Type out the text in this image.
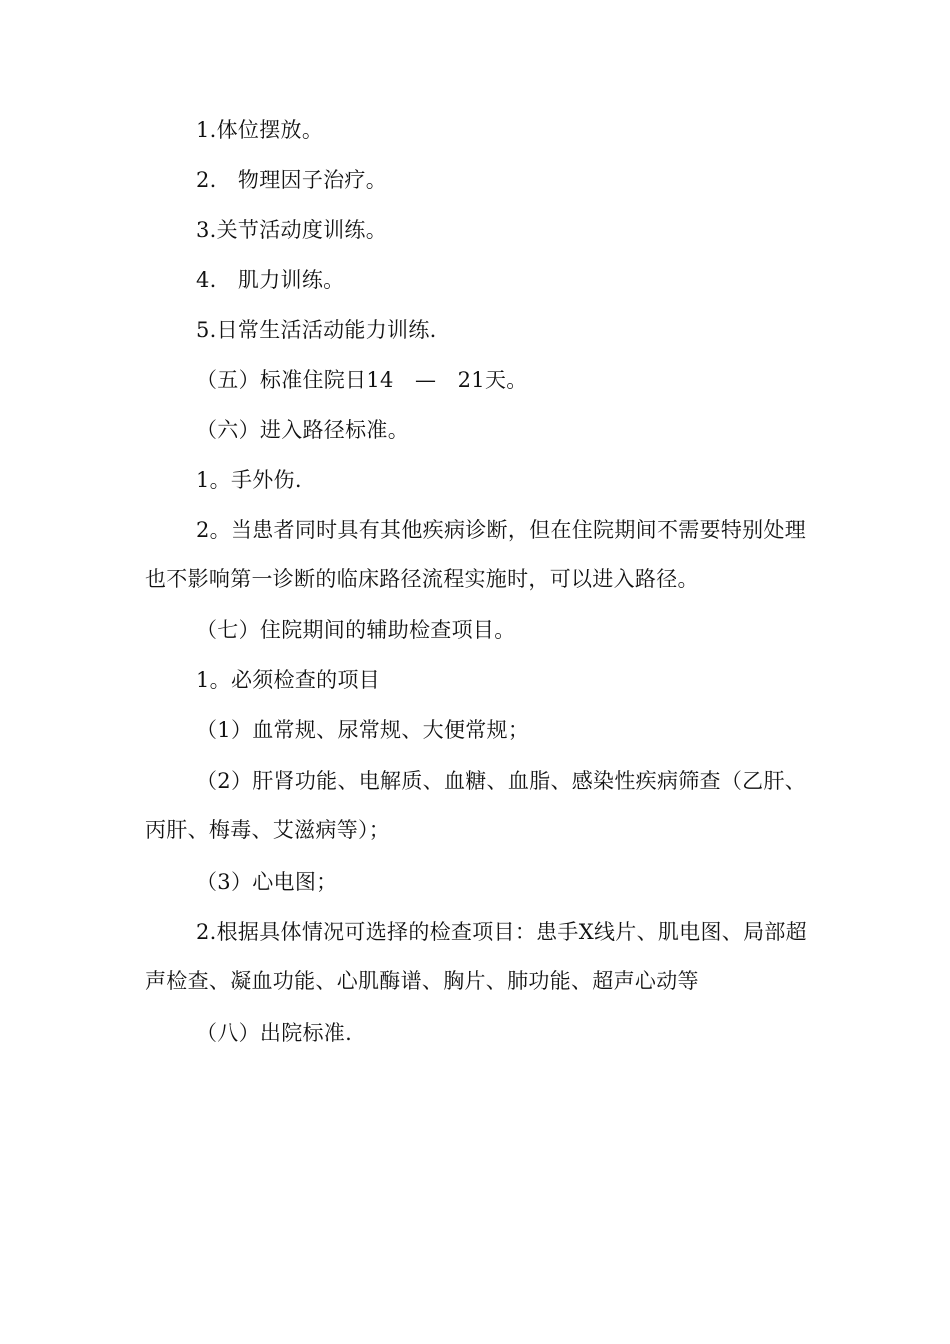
1.体位摆放。

2.　物理因子治疗。

3.关节活动度训练。

4.　肌力训练。

5.日常生活活动能力训练.

（五）标准住院日14　—　21天。

（六）进入路径标准。

1。手外伤.

2。当患者同时具有其他疾病诊断，但在住院期间不需要特别处理也不影响第一诊断的临床路径流程实施时，可以进入路径。

（七）住院期间的辅助检查项目。

1。必须检查的项目

（1）血常规、尿常规、大便常规；

（2）肝肾功能、电解质、血糖、血脂、感染性疾病筛查（乙肝、丙肝、梅毒、艾滋病等）；

（3）心电图；

2.根据具体情况可选择的检查项目：患手X线片、肌电图、局部超声检查、凝血功能、心肌酶谱、胸片、肺功能、超声心动等

（八）出院标准.
